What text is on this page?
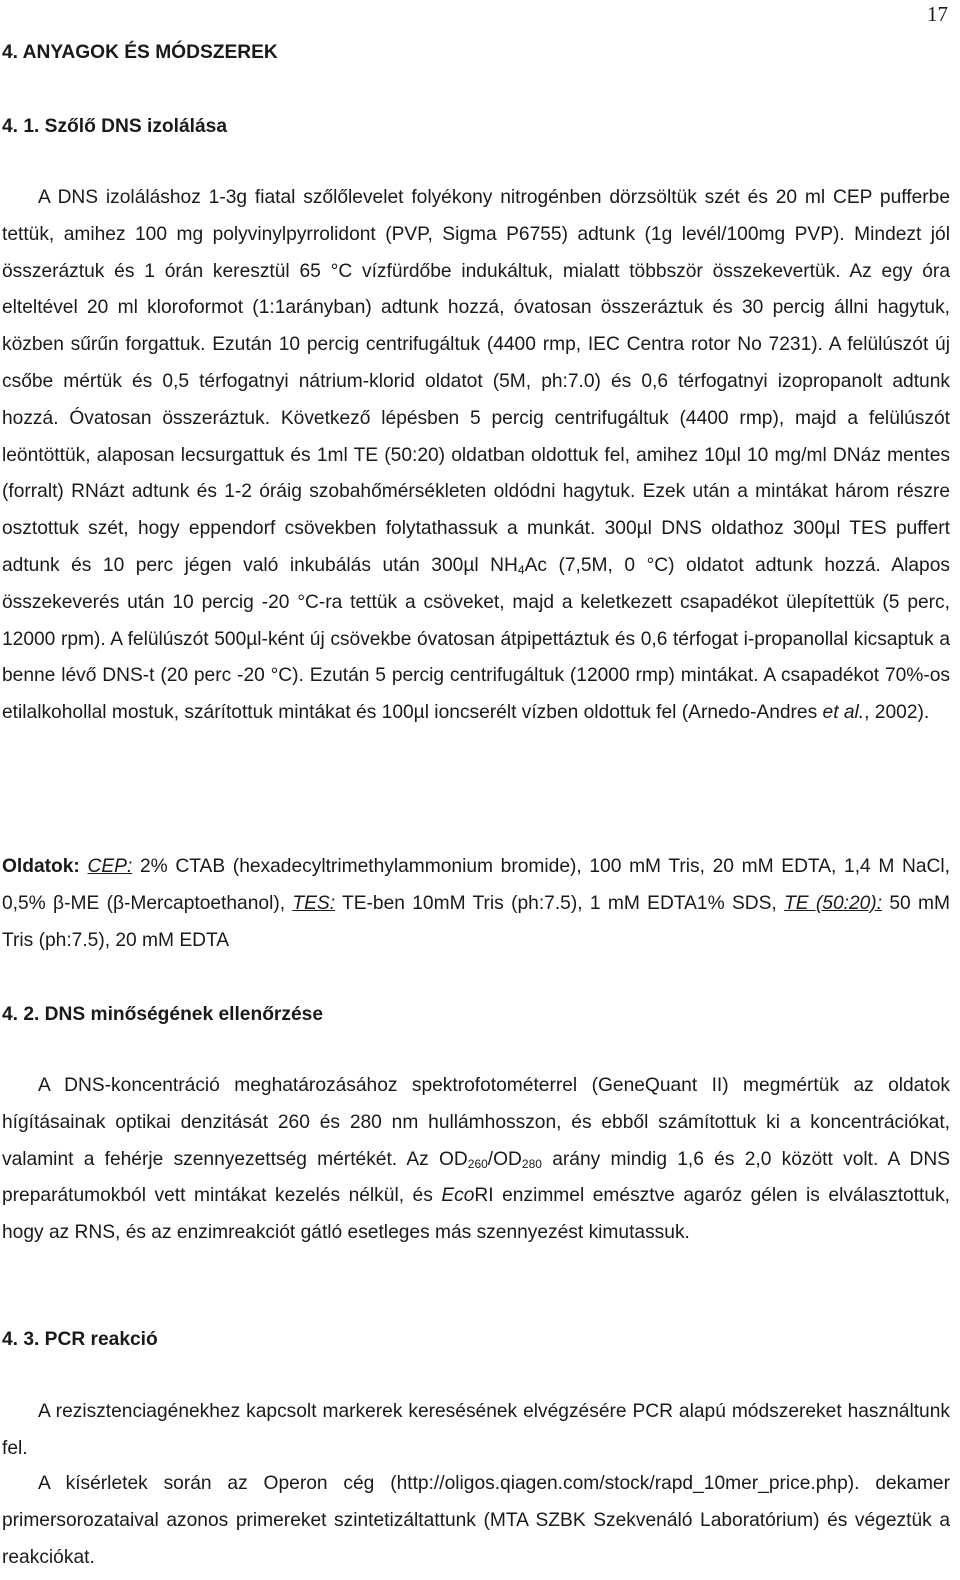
17
4. ANYAGOK ÉS MÓDSZEREK
4. 1. Szőlő DNS izolálása

A DNS izoláláshoz 1-3g fiatal szőlőlevelet folyékony nitrogénben dörzsöltük szét és 20 ml CEP pufferbe tettük, amihez 100 mg polyvinylpyrrolidont (PVP, Sigma P6755) adtunk (1g levél/100mg PVP). Mindezt jól összeráztuk és 1 órán keresztül 65 °C vízfürdőbe indukáltuk, mialatt többször összekevertük. Az egy óra elteltével 20 ml kloroformot (1:1arányban) adtunk hozzá, óvatosan összeráztuk és 30 percig állni hagytuk, közben sűrűn forgattuk. Ezután 10 percig centrifugáltuk (4400 rmp, IEC Centra rotor No 7231). A felülúszót új csőbe mértük és 0,5 térfogatnyi nátrium-klorid oldatot (5M, ph:7.0) és 0,6 térfogatnyi izopropanolt adtunk hozzá. Óvatosan összeráztuk. Következő lépésben 5 percig centrifugáltuk (4400 rmp), majd a felülúszót leöntöttük, alaposan lecsurgattuk és 1ml TE (50:20) oldatban oldottuk fel, amihez 10µl 10 mg/ml DNáz mentes (forralt) RNázt adtunk és 1-2 óráig szobahőmérsékleten oldódni hagytuk. Ezek után a mintákat három részre osztottuk szét, hogy eppendorf csövekben folytathassuk a munkát. 300µl DNS oldathoz 300µl TES puffert adtunk és 10 perc jégen való inkubálás után 300µl $NH_4Ac$ (7,5M, 0 °C) oldatot adtunk hozzá. Alapos összekeverés után 10 percig -20 °C-ra tettük a csöveket, majd a keletkezett csapadékot ülepítettük (5 perc, 12000 rpm). A felülúszót 500µl-ként új csövekbe óvatosan átpipettáztuk és 0,6 térfogat i-propanollal kicsaptuk a benne lévő DNS-t (20 perc -20 °C). Ezután 5 percig centrifugáltuk (12000 rmp) mintákat. A csapadékot 70%-os etilalkohollal mostuk, szárítottuk mintákat és 100µl ioncserélt vízben oldottuk fel (Arnedo-Andres et al., 2002).

Oldatok: CEP: 2% CTAB (hexadecyltrimethylammonium bromide), 100 mM Tris, 20 mM EDTA, 1,4 M NaCl, 0,5% β-ME (β-Mercaptoethanol), TES: TE-ben 10mM Tris (ph:7.5), 1 mM EDTA1% SDS, TE (50:20): 50 mM Tris (ph:7.5), 20 mM EDTA

4. 2. DNS minőségének ellenőrzése

A DNS-koncentráció meghatározásához spektrofotométerrel (GeneQuant II) megmértük az oldatok hígításainak optikai denzitását 260 és 280 nm hullámhosszon, és ebből számítottuk ki a koncentrációkat, valamint a fehérje szennyezettség mértékét. Az $OD_{260}/OD_{280}$ arány mindig 1,6 és 2,0 között volt. A DNS preparátumokból vett mintákat kezelés nélkül, és EcoRI enzimmel emésztve agaróz gélen is elválasztottuk, hogy az RNS, és az enzimreakciót gátló esetleges más szennyezést kimutassuk.

4. 3. PCR reakció

A rezisztenciagénekhez kapcsolt markerek keresésének elvégzésére PCR alapú módszereket használtunk fel.

A kísérletek során az Operon cég (http://oligos.qiagen.com/stock/rapd_10mer_price.php). dekamer primersorozataival azonos primereket szintetizáltattunk (MTA SZBK Szekvenáló Laboratórium) és végeztük a reakciókat.
